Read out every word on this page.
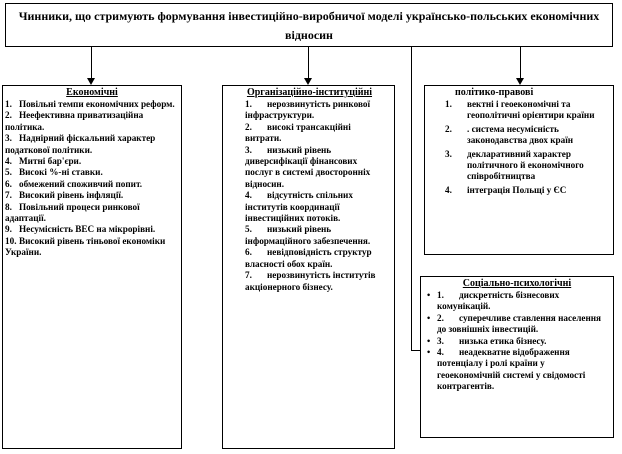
Чинники, що стримують формування інвестиційно-виробничої моделі українсько-польських економічних відносин
Економічні
1. Повільні темпи економічних реформ.
2. Неефективна приватизаційна політика.
3. Наднірний фіскальний характер податкової політики.
4. Митні бар'єри.
5. Високі %-ні ставки.
6. обмежений споживчий попит.
7. Високий рівень інфляції.
8. Повільний процеси ринкової адаптації.
9. Несумісність ВЕС на мікрорівні.
10. Високий рівень тіньової економіки України.
Організаційно-інституційні
1. нерозвинутість ринкової інфраструктури.
2. високі трансакційні витрати.
3. низький рівень диверсифікації фінансових послуг в системі двосторонніх відносин.
4. відсутність спільних інститутів координації інвестиційних потоків.
5. низький рівень інформаційного забезпечення.
6. невідповідність структур власності обох країн.
7. нерозвинутість інститутів акціонерного бізнесу.
політико-правові
1. вектні і геоекономічні та геополітичні орієнтири країни
2. . система несумісність законодавства двох країн
3. декларативний характер політичного й економічного співробітництва
4. інтеграція Польщі у ЄС
Соціально-психологічні
• 1. дискретність бізнесових комунікацій.
• 2. суперечливе ставлення населення до зовнішніх інвестицій.
• 3. низька етика бізнесу.
• 4. неадекватне відображення потенціалу і ролі країни у геоекономічній системі у свідомості контрагентів.
